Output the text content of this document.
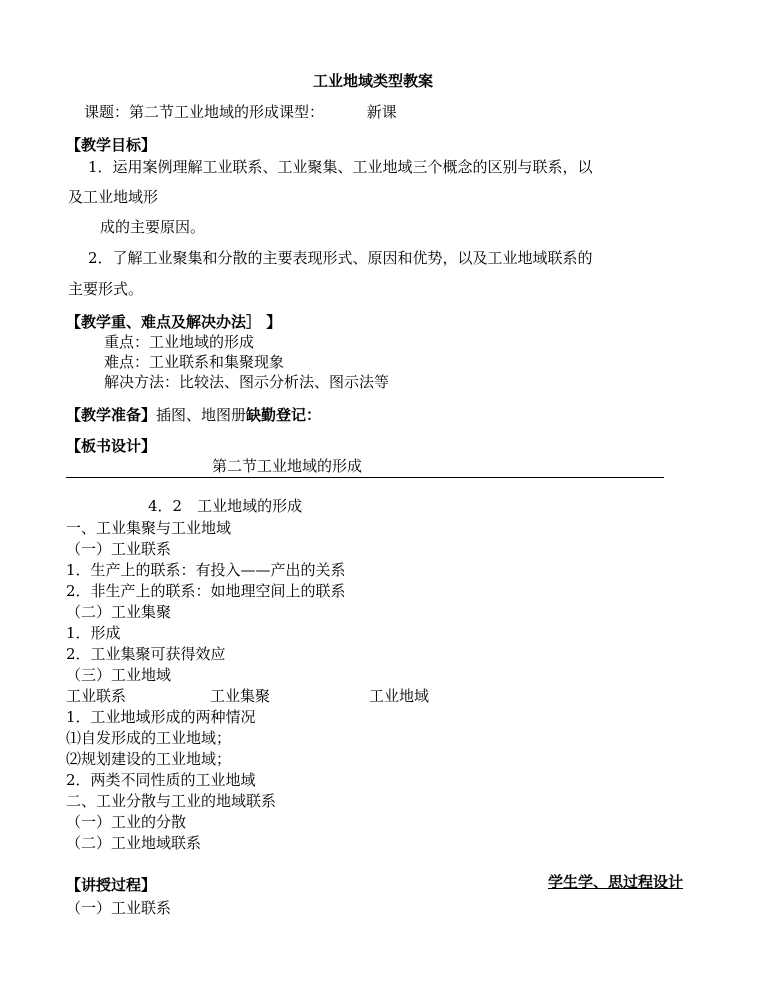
工业地域类型教案
课题：第二节工业地域的形成课型：	新课
【教学目标】
1．运用案例理解工业联系、工业聚集、工业地域三个概念的区别与联系，以
及工业地域形
成的主要原因。
2．了解工业聚集和分散的主要表现形式、原因和优势，以及工业地域联系的
主要形式。
【教学重、难点及解决办法］ 】
重点：工业地域的形成
难点：工业联系和集聚现象
解决方法：比较法、图示分析法、图示法等
【教学准备】插图、地图册缺勤登记：
【板书设计】
第二节工业地域的形成
4．2　工业地域的形成
一、工业集聚与工业地域
（一）工业联系
1．生产上的联系：有投入——产出的关系
2．非生产上的联系：如地理空间上的联系
（二）工业集聚
1．形成
2．工业集聚可获得效应
（三）工业地域
工业联系	工业集聚	工业地域
1．工业地域形成的两种情况
⑴自发形成的工业地域；
⑵规划建设的工业地域；
2．两类不同性质的工业地域
二、工业分散与工业的地域联系
（一）工业的分散
（二）工业地域联系
【讲授过程】	学生学、思过程设计
（一）工业联系
